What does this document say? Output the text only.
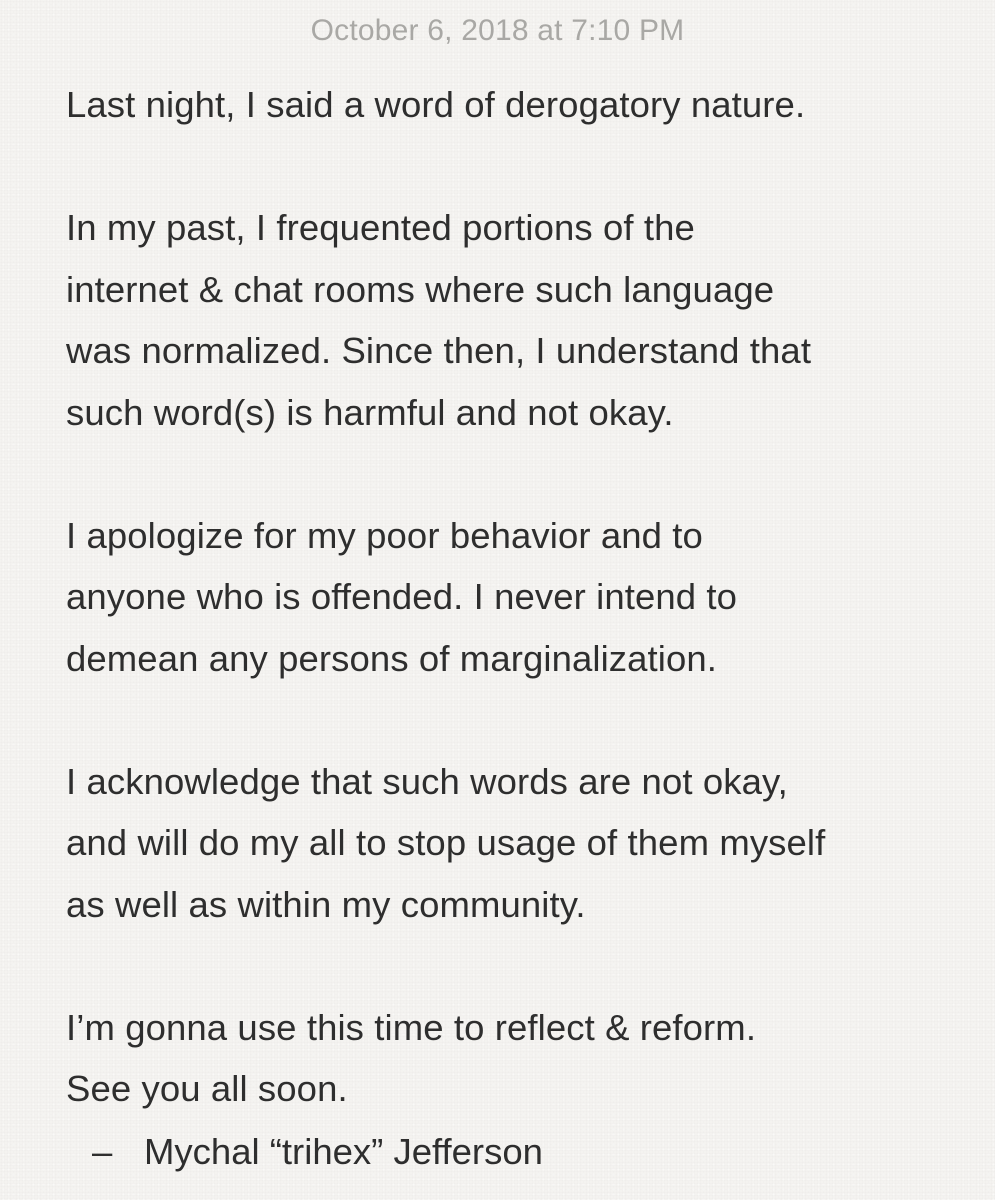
October 6, 2018 at 7:10 PM

Last night, I said a word of derogatory nature.

In my past, I frequented portions of the
internet & chat rooms where such language
was normalized. Since then, I understand that
such word(s) is harmful and not okay.

I apologize for my poor behavior and to
anyone who is offended. I never intend to
demean any persons of marginalization.

I acknowledge that such words are not okay,
and will do my all to stop usage of them myself
as well as within my community.

I’m gonna use this time to reflect & reform.
See you all soon.

– Mychal “trihex” Jefferson
